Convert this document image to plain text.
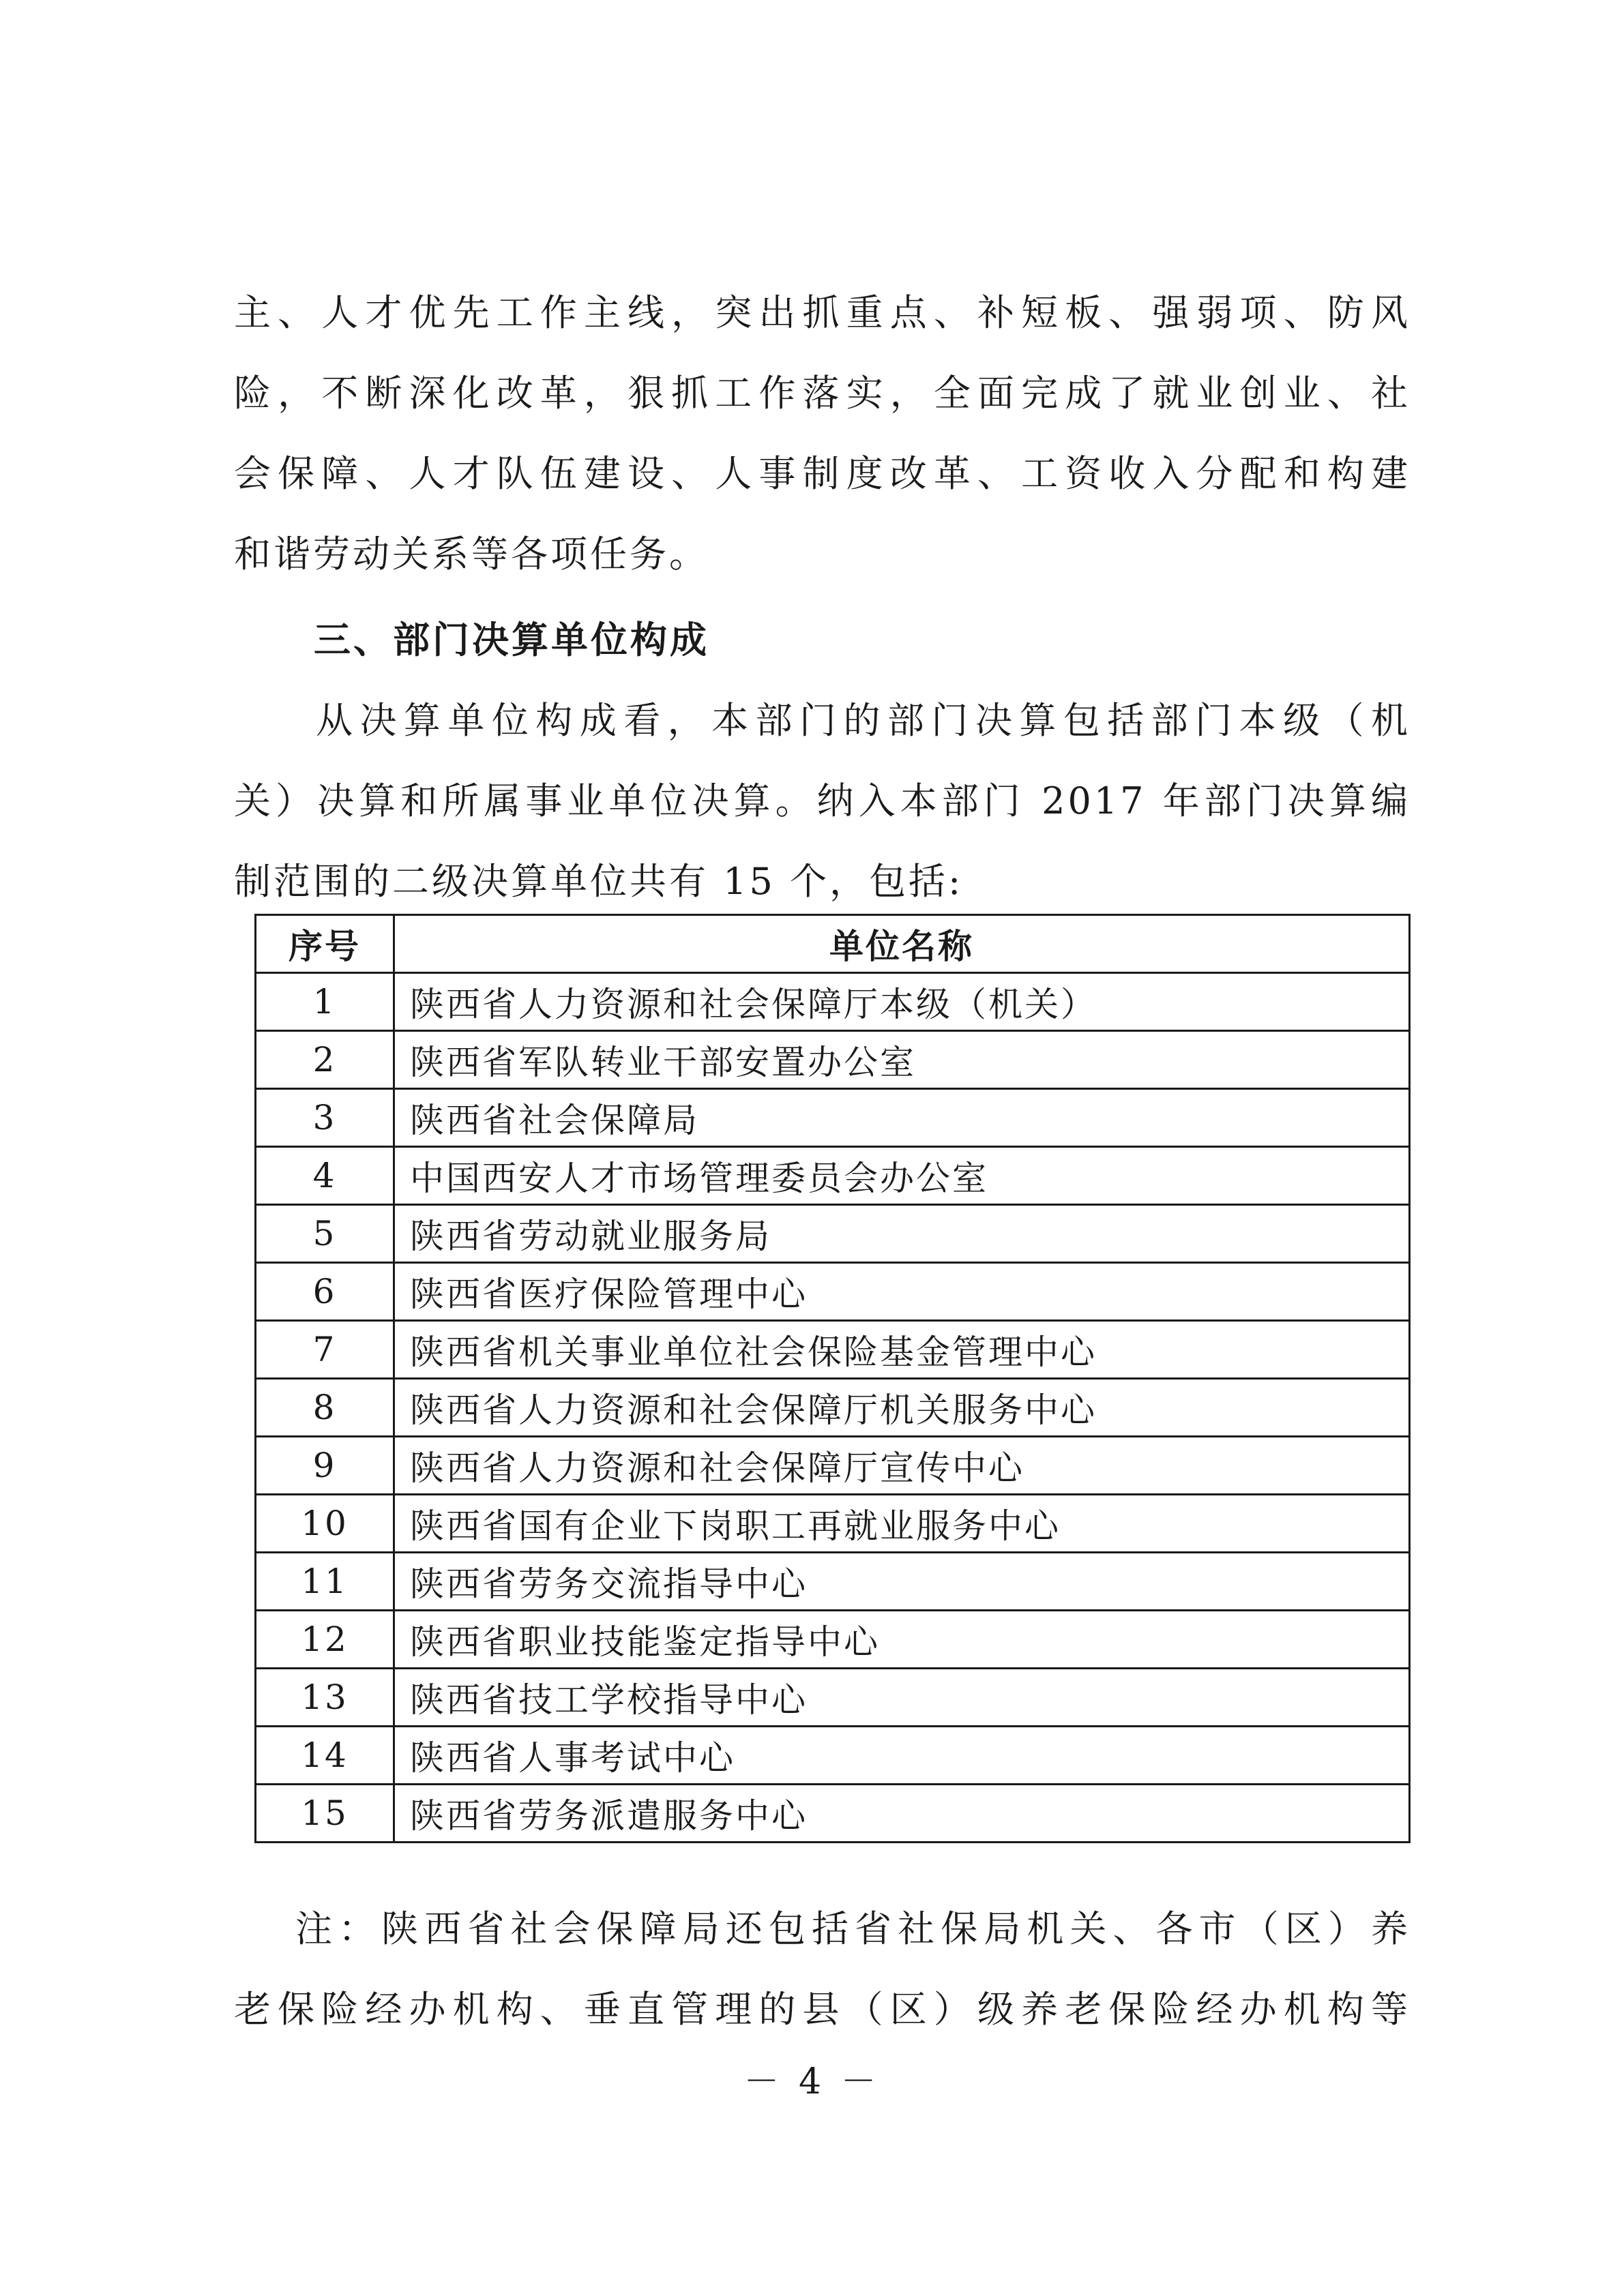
主、人才优先工作主线，突出抓重点、补短板、强弱项、防风
险，不断深化改革，狠抓工作落实，全面完成了就业创业、社
会保障、人才队伍建设、人事制度改革、工资收入分配和构建
和谐劳动关系等各项任务。
三、部门决算单位构成
从决算单位构成看，本部门的部门决算包括部门本级（机
关）决算和所属事业单位决算。纳入本部门 2017 年部门决算编
制范围的二级决算单位共有 15 个，包括:
序号	单位名称
1	陕西省人力资源和社会保障厅本级（机关）
2	陕西省军队转业干部安置办公室
3	陕西省社会保障局
4	中国西安人才市场管理委员会办公室
5	陕西省劳动就业服务局
6	陕西省医疗保险管理中心
7	陕西省机关事业单位社会保险基金管理中心
8	陕西省人力资源和社会保障厅机关服务中心
9	陕西省人力资源和社会保障厅宣传中心
10	陕西省国有企业下岗职工再就业服务中心
11	陕西省劳务交流指导中心
12	陕西省职业技能鉴定指导中心
13	陕西省技工学校指导中心
14	陕西省人事考试中心
15	陕西省劳务派遣服务中心
注：陕西省社会保障局还包括省社保局机关、各市（区）养
老保险经办机构、垂直管理的县（区）级养老保险经办机构等
－ 4 －
